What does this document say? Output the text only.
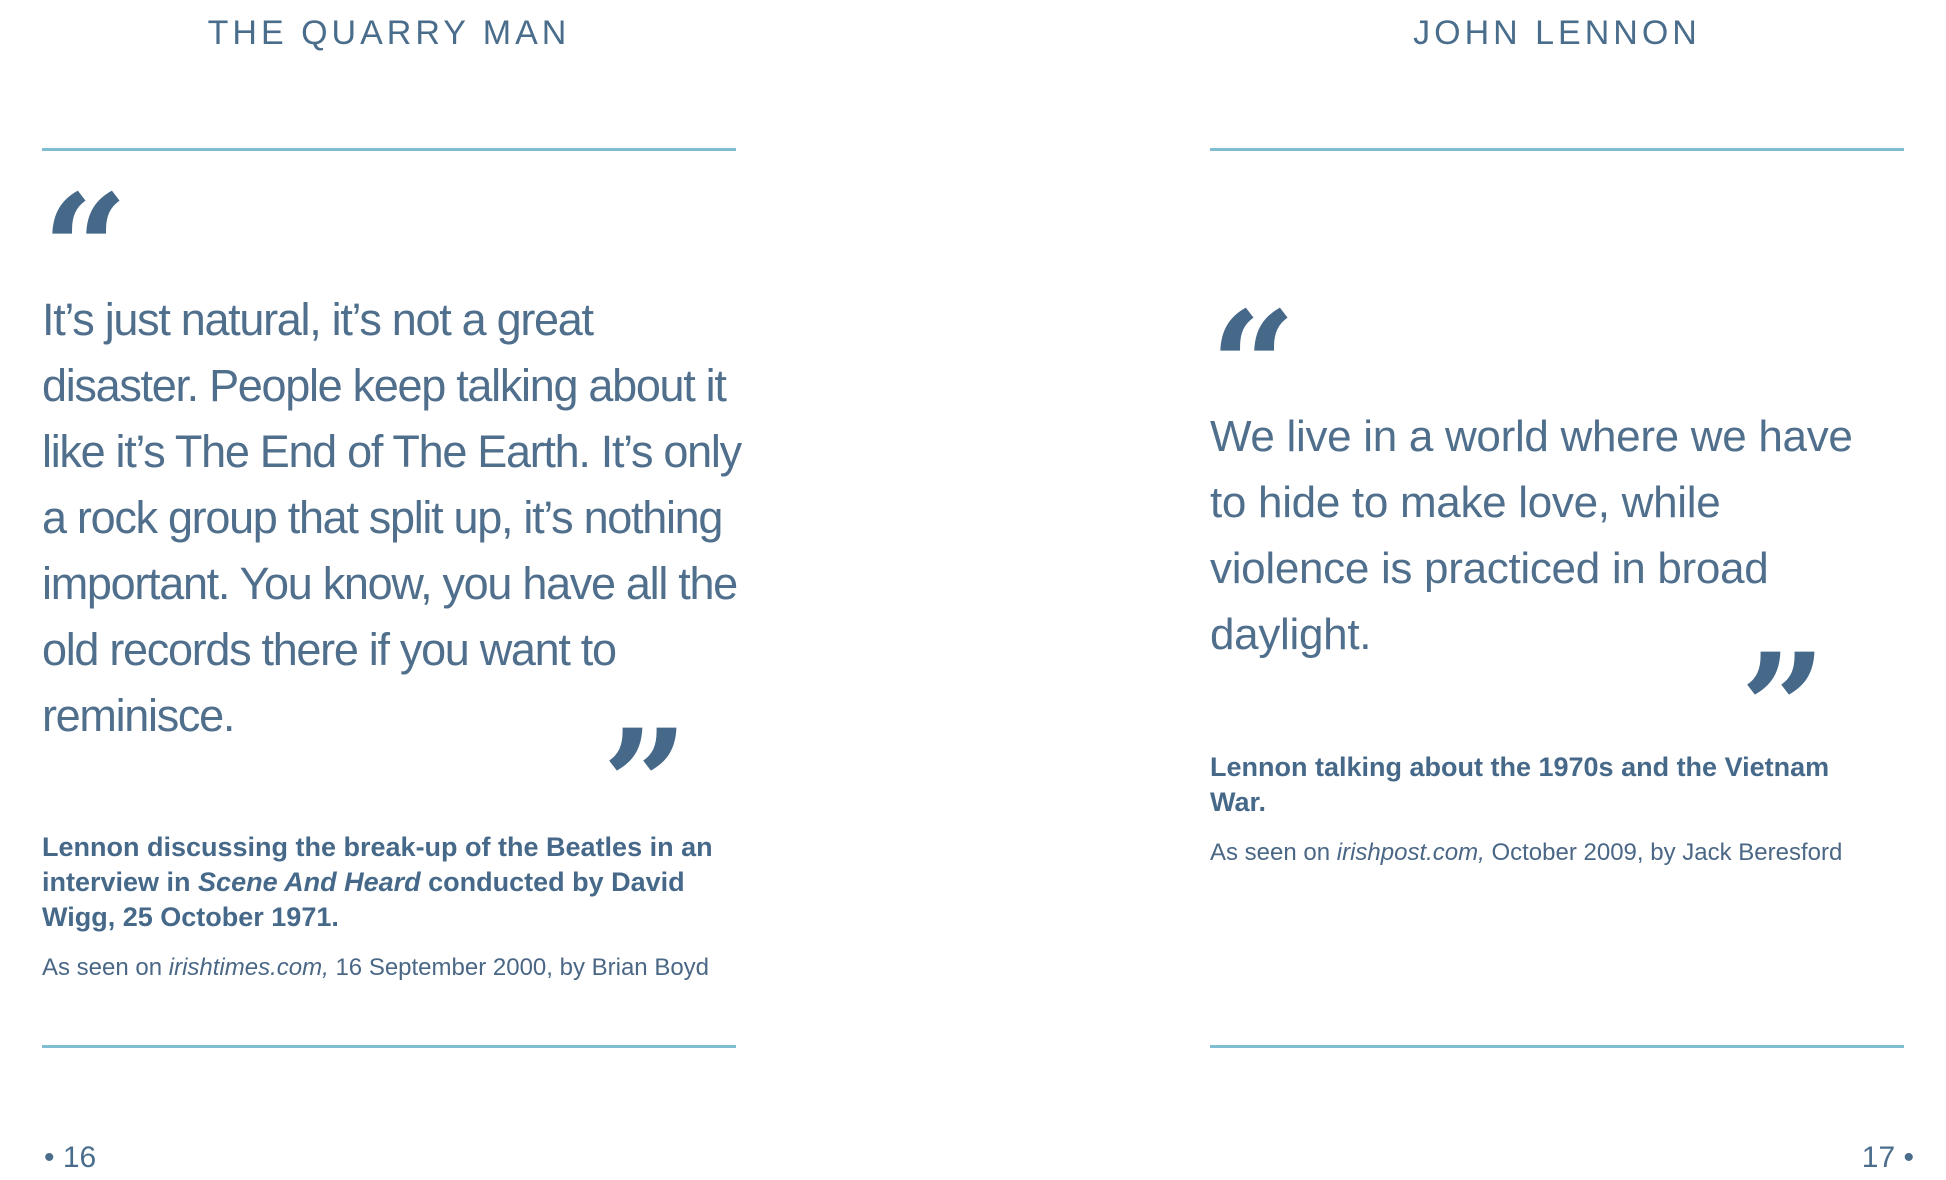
THE QUARRY MAN
“

It’s just natural, it’s not a great disaster. People keep talking about it like it’s The End of The Earth. It’s only a rock group that split up, it’s nothing important. You know, you have all the old records there if you want to reminisce.	”

Lennon discussing the break-up of the Beatles in an interview in Scene And Heard conducted by David Wigg, 25 October 1971.

As seen on irishtimes.com, 16 September 2000, by Brian Boyd

• 16
JOHN LENNON
“

We live in a world where we have to hide to make love, while violence is practiced in broad daylight.	”

Lennon talking about the 1970s and the Vietnam War.

As seen on irishpost.com, October 2009, by Jack Beresford

17 •
